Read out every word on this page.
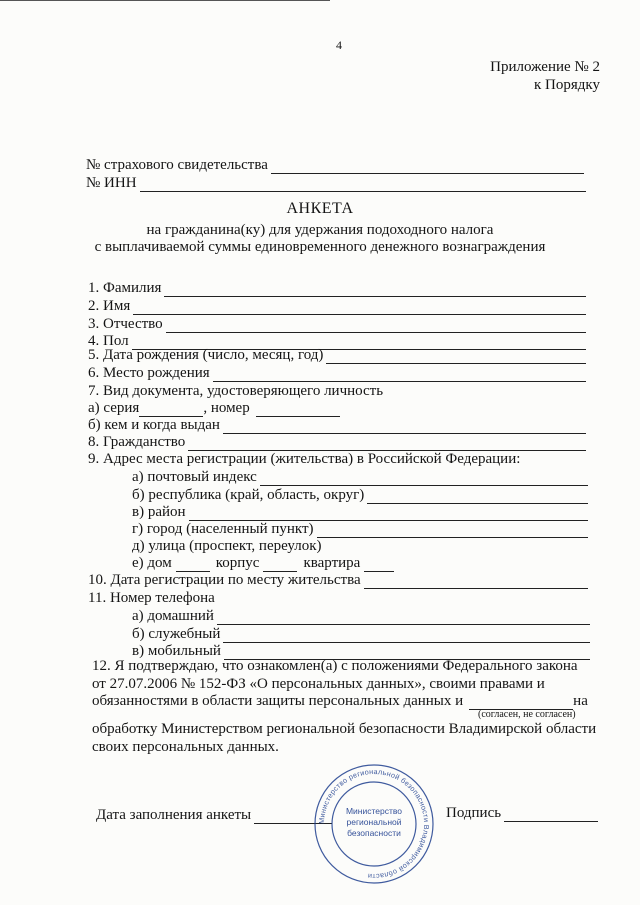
4
Приложение № 2
к Порядку
№ страхового свидетельства
№ ИНН
АНКЕТА
на гражданина(ку) для удержания подоходного налога
с выплачиваемой суммы единовременного денежного вознаграждения
1. Фамилия
2. Имя
3. Отчество
4. Пол
5. Дата рождения (число, месяц, год)
6. Место рождения
7. Вид документа, удостоверяющего личность
а) серия	, номер
б) кем и когда выдан
8. Гражданство
9. Адрес места регистрации (жительства) в Российской Федерации:
а) почтовый индекс
б) республика (край, область, округ)
в) район
г) город (населенный пункт)
д) улица (проспект, переулок)
е) дом	корпус	квартира
10. Дата регистрации по месту жительства
11. Номер телефона
а) домашний
б) служебный
в) мобильный
12. Я подтверждаю, что ознакомлен(а) с положениями Федерального закона
от 27.07.2006 № 152-ФЗ «О персональных данных», своими правами и
обязанностями в области защиты персональных данных и	на
(согласен, не согласен)
обработку Министерством региональной безопасности Владимирской области
своих персональных данных.
Дата заполнения анкеты	Подпись
Министерство региональной безопасности Владимирской области
Министерство
региональной
безопасности
